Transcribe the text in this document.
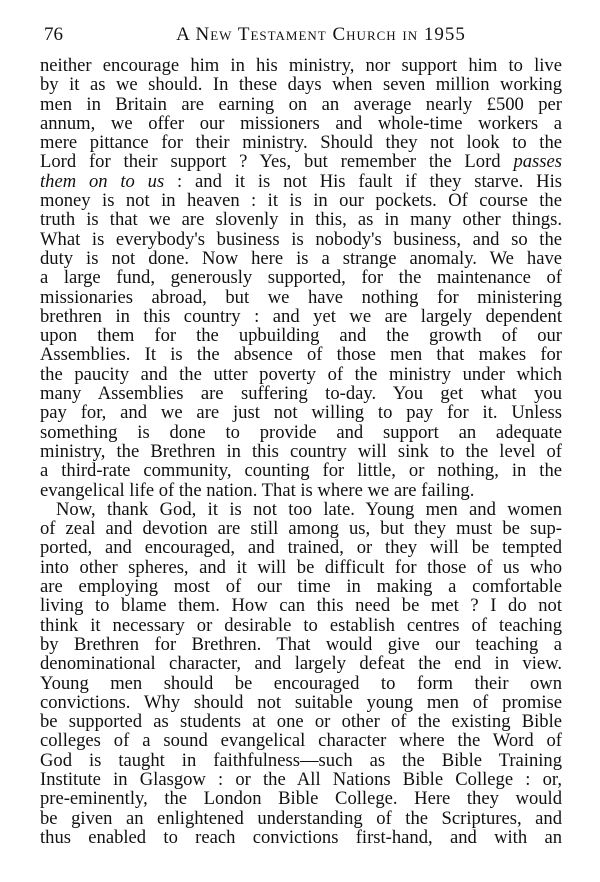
76	A New Testament Church in 1955
neither encourage him in his ministry, nor support him to live
by it as we should. In these days when seven million working
men in Britain are earning on an average nearly £500 per
annum, we offer our missioners and whole-time workers a
mere pittance for their ministry. Should they not look to the
Lord for their support ? Yes, but remember the Lord passes
them on to us : and it is not His fault if they starve. His
money is not in heaven : it is in our pockets. Of course the
truth is that we are slovenly in this, as in many other things.
What is everybody's business is nobody's business, and so the
duty is not done. Now here is a strange anomaly. We have
a large fund, generously supported, for the maintenance of
missionaries abroad, but we have nothing for ministering
brethren in this country : and yet we are largely dependent
upon them for the upbuilding and the growth of our
Assemblies. It is the absence of those men that makes for
the paucity and the utter poverty of the ministry under which
many Assemblies are suffering to-day. You get what you
pay for, and we are just not willing to pay for it. Unless
something is done to provide and support an adequate
ministry, the Brethren in this country will sink to the level of
a third-rate community, counting for little, or nothing, in the
evangelical life of the nation. That is where we are failing.
Now, thank God, it is not too late. Young men and women
of zeal and devotion are still among us, but they must be sup-
ported, and encouraged, and trained, or they will be tempted
into other spheres, and it will be difficult for those of us who
are employing most of our time in making a comfortable
living to blame them. How can this need be met ? I do not
think it necessary or desirable to establish centres of teaching
by Brethren for Brethren. That would give our teaching a
denominational character, and largely defeat the end in view.
Young men should be encouraged to form their own
convictions. Why should not suitable young men of promise
be supported as students at one or other of the existing Bible
colleges of a sound evangelical character where the Word of
God is taught in faithfulness—such as the Bible Training
Institute in Glasgow : or the All Nations Bible College : or,
pre-eminently, the London Bible College. Here they would
be given an enlightened understanding of the Scriptures, and
thus enabled to reach convictions first-hand, and with an
